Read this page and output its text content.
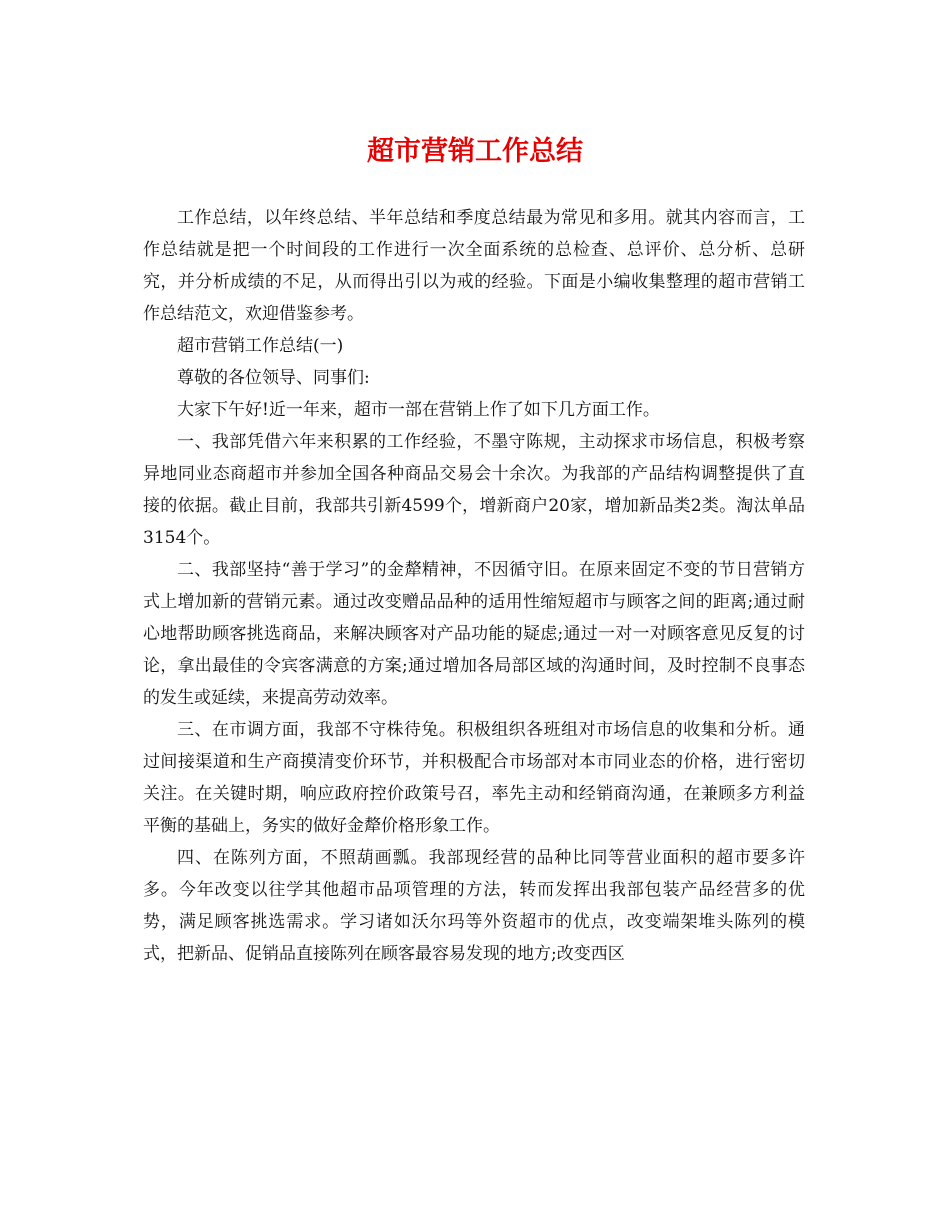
超市营销工作总结

工作总结，以年终总结、半年总结和季度总结最为常见和多用。就其内容而言，工作总结就是把一个时间段的工作进行一次全面系统的总检查、总评价、总分析、总研究，并分析成绩的不足，从而得出引以为戒的经验。下面是小编收集整理的超市营销工作总结范文，欢迎借鉴参考。

超市营销工作总结(一)

尊敬的各位领导、同事们:

大家下午好!近一年来，超市一部在营销上作了如下几方面工作。

一、我部凭借六年来积累的工作经验，不墨守陈规，主动探求市场信息，积极考察异地同业态商超市并参加全国各种商品交易会十余次。为我部的产品结构调整提供了直接的依据。截止目前，我部共引新4599个，增新商户20家，增加新品类2类。淘汰单品 3154个。

二、我部坚持“善于学习”的金犛精神，不因循守旧。在原来固定不变的节日营销方式上增加新的营销元素。通过改变赠品品种的适用性缩短超市与顾客之间的距离;通过耐心地帮助顾客挑选商品，来解决顾客对产品功能的疑虑;通过一对一对顾客意见反复的讨论，拿出最佳的令宾客满意的方案;通过增加各局部区域的沟通时间，及时控制不良事态的发生或延续，来提高劳动效率。

三、在市调方面，我部不守株待兔。积极组织各班组对市场信息的收集和分析。通过间接渠道和生产商摸清变价环节，并积极配合市场部对本市同业态的价格，进行密切关注。在关键时期，响应政府控价政策号召，率先主动和经销商沟通，在兼顾多方利益平衡的基础上，务实的做好金犛价格形象工作。

四、在陈列方面，不照葫画瓢。我部现经营的品种比同等营业面积的超市要多许多。今年改变以往学其他超市品项管理的方法，转而发挥出我部包装产品经营多的优势，满足顾客挑选需求。学习诸如沃尔玛等外资超市的优点，改变端架堆头陈列的模式，把新品、促销品直接陈列在顾客最容易发现的地方;改变西区
